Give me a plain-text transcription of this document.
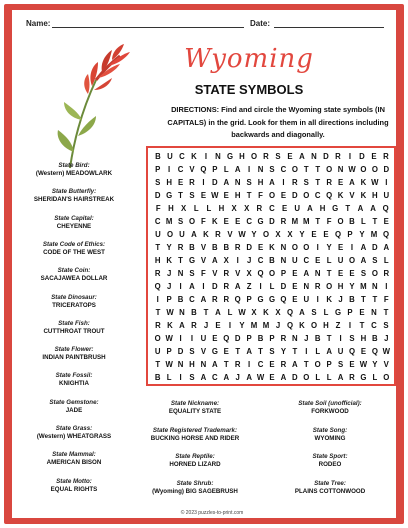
Name:	Date:
Wyoming
STATE SYMBOLS
DIRECTIONS: Find and circle the Wyoming state symbols (IN CAPITALS) in the grid. Look for them in all directions including backwards and diagonally.
B U C K	I	N G H O R S E A N D R	I	D E R
P I C V Q P L A I N S C O T T O N W O O D
S H E R I D A N S H A I R S T R E A K W I
D G T S E W E H T F O E D O C Q K V K H U
F H X L	L H X X R C E U A H G T A A Q
C M S O F K E E C G D R M M T F O B L T E
U O U A K R V W Y O X X Y E E Q P Y M Q
T Y R B V B B R D E K N O O I Y E I A D A
H K T G V A X I	J C B N U C E L U O A S L
R J N S F V R V X Q O P E A N T E E S O R
Q J	I A I D R A Z	I	L D E N R O H Y M N I
I P B C A R R Q P G G Q E U I K J B T T F
T W N B T A L W X K X Q A S L G P E N T
R K A R J E	I	Y M M J Q K O H Z	I	T C S
O W I	I U E Q D P B P R N J B T	I S H B J
U P D S V G E T A T S Y T	I	L A U Q E Q W
T W N H N A T R I C E R A T O P S E W Y V
B L	I S A C A J A W E A D O L L A R G L O
State Bird:
(Western) MEADOWLARK
State Butterfly:
SHERIDAN'S HAIRSTREAK
State Capital:
CHEYENNE
State Code of Ethics:
CODE OF THE WEST
State Coin:
SACAJAWEA DOLLAR
State Dinosaur:
TRICERATOPS
State Fish:
CUTTHROAT TROUT
State Flower:
INDIAN PAINTBRUSH
State Fossil:
KNIGHTIA
State Gemstone:
JADE
State Grass:
(Western) WHEATGRASS
State Mammal:
AMERICAN BISON
State Motto:
EQUAL RIGHTS
State Nickname:
EQUALITY STATE
State Registered Trademark:
BUCKING HORSE AND RIDER
State Reptile:
HORNED LIZARD
State Shrub:
(Wyoming) BIG SAGEBRUSH
State Soil (unofficial):
FORKWOOD
State Song:
WYOMING
State Sport:
RODEO
State Tree:
PLAINS COTTONWOOD
© 2023 puzzles-to-print.com
